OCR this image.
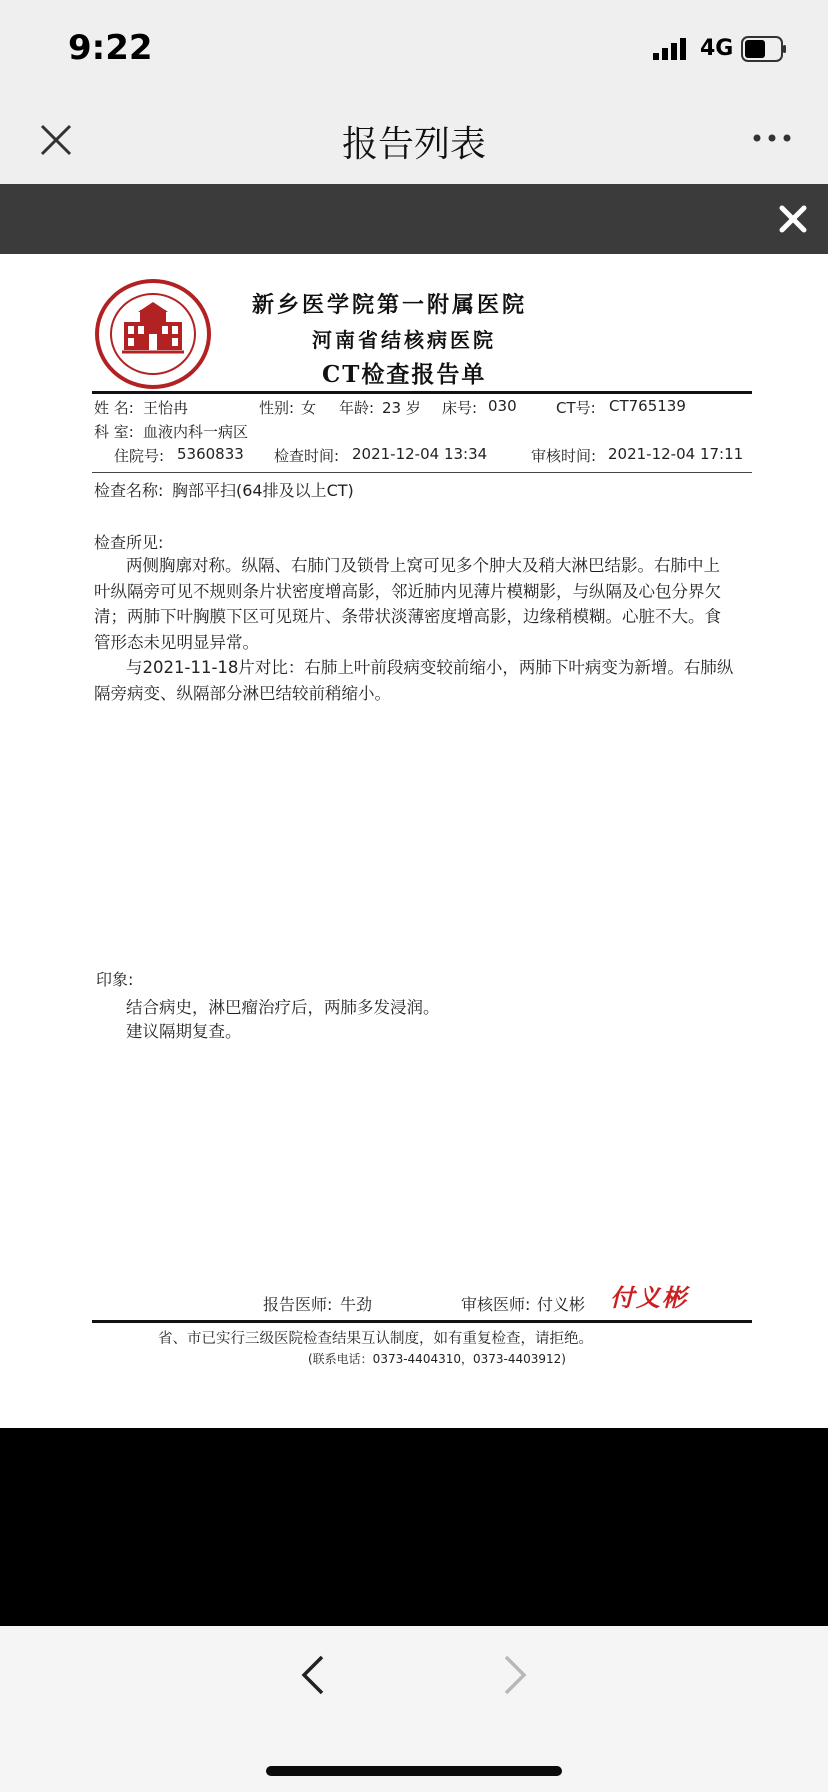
9:22	4G
报告列表
新乡医学院第一附属医院
河南省结核病医院
CT检查报告单
姓 名: 王怡冉	性别: 女 年龄: 23 岁 床号: 030	CT号: CT765139
科 室: 血液内科一病区
住院号: 5360833 检查时间: 2021-12-04 13:34	审核时间: 2021-12-04 17:11
检查名称: 胸部平扫(64排及以上CT)
检查所见:
两侧胸廓对称。纵隔、右肺门及锁骨上窝可见多个肿大及稍大淋巴结影。右肺中上叶纵隔旁可见不规则条片状密度增高影，邻近肺内见薄片模糊影，与纵隔及心包分界欠清；两肺下叶胸膜下区可见斑片、条带状淡薄密度增高影，边缘稍模糊。心脏不大。食管形态未见明显异常。
与2021-11-18片对比：右肺上叶前段病变较前缩小，两肺下叶病变为新增。右肺纵隔旁病变、纵隔部分淋巴结较前稍缩小。
印象:
结合病史，淋巴瘤治疗后，两肺多发浸润。
建议隔期复查。
报告医师: 牛劲	审核医师: 付义彬 付义彬
省、市已实行三级医院检查结果互认制度，如有重复检查，请拒绝。
(联系电话：0373-4404310，0373-4403912)
